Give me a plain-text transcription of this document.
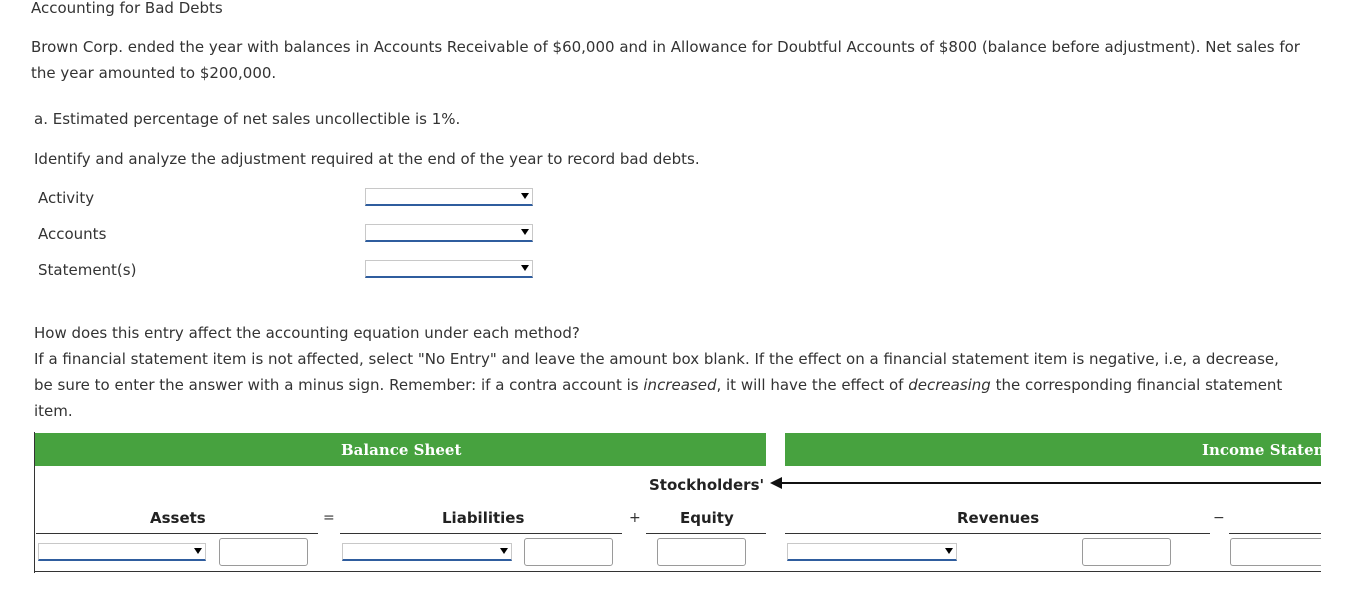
Accounting for Bad Debts
Brown Corp. ended the year with balances in Accounts Receivable of $60,000 and in Allowance for Doubtful Accounts of $800 (balance before adjustment). Net sales for the year amounted to $200,000.
a. Estimated percentage of net sales uncollectible is 1%.
Identify and analyze the adjustment required at the end of the year to record bad debts.
Activity
Accounts
Statement(s)
How does this entry affect the accounting equation under each method?
If a financial statement item is not affected, select "No Entry" and leave the amount box blank. If the effect on a financial statement item is negative, i.e, a decrease, be sure to enter the answer with a minus sign. Remember: if a contra account is increased, it will have the effect of decreasing the corresponding financial statement item.
Balance Sheet	Income Statement
Stockholders'
Assets	=	Liabilities	+	Equity	Revenues	−
